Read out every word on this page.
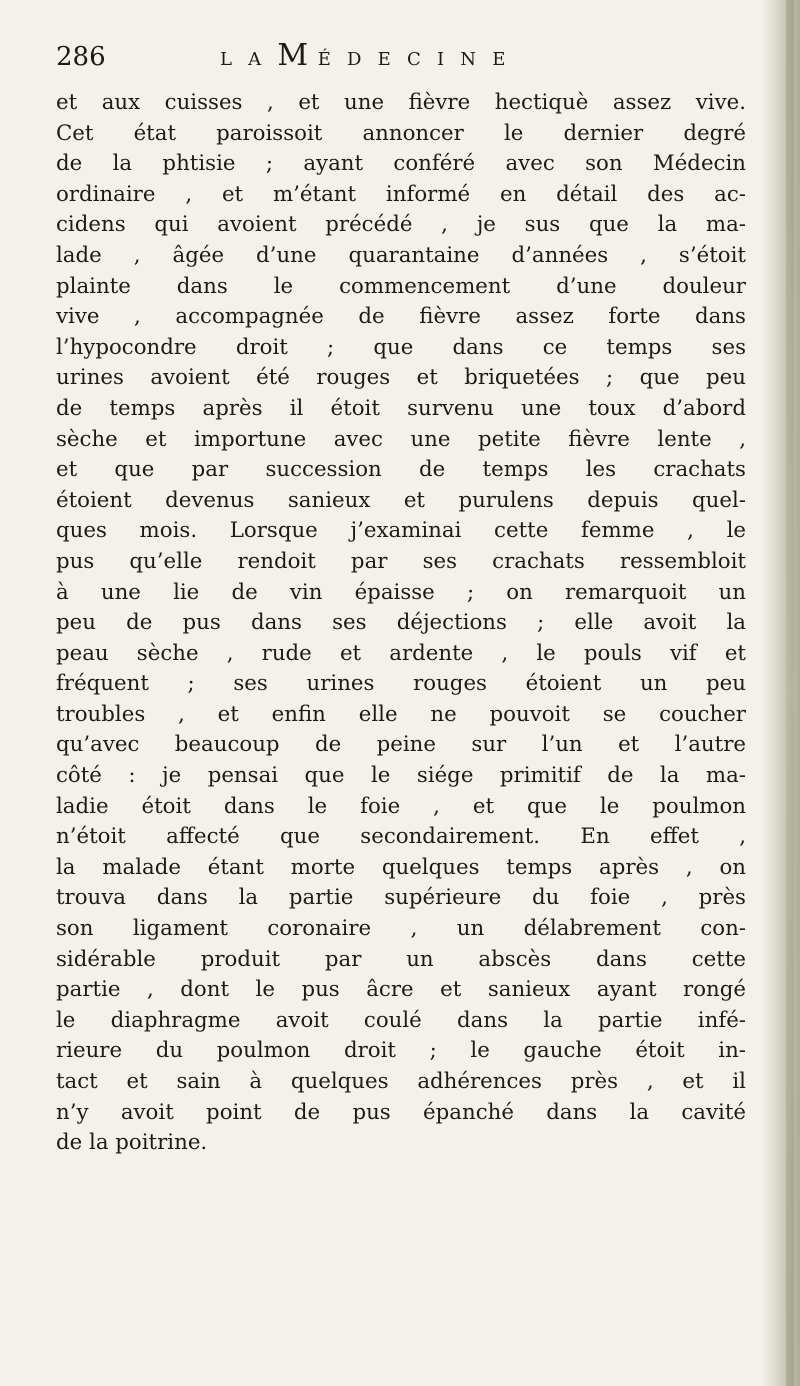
286	LAMÉDECINE
et aux cuisses , et une fièvre hectiquè assez vive.
Cet état paroissoit annoncer le dernier degré
de la phtisie ; ayant conféré avec son Médecin
ordinaire , et m’étant informé en détail des ac-
cidens qui avoient précédé , je sus que la ma-
lade , âgée d’une quarantaine d’années , s’étoit
plainte dans le commencement d’une douleur
vive , accompagnée de fièvre assez forte dans
l’hypocondre droit ; que dans ce temps ses
urines avoient été rouges et briquetées ; que peu
de temps après il étoit survenu une toux d’abord
sèche et importune avec une petite fièvre lente ,
et que par succession de temps les crachats
étoient devenus sanieux et purulens depuis quel-
ques mois. Lorsque j’examinai cette femme , le
pus qu’elle rendoit par ses crachats ressembloit
à une lie de vin épaisse ; on remarquoit un
peu de pus dans ses déjections ; elle avoit la
peau sèche , rude et ardente , le pouls vif et
fréquent ; ses urines rouges étoient un peu
troubles , et enfin elle ne pouvoit se coucher
qu’avec beaucoup de peine sur l’un et l’autre
côté : je pensai que le siége primitif de la ma-
ladie étoit dans le foie , et que le poulmon
n’étoit affecté que secondairement. En effet ,
la malade étant morte quelques temps après , on
trouva dans la partie supérieure du foie , près
son ligament coronaire , un délabrement con-
sidérable produit par un abscès dans cette
partie , dont le pus âcre et sanieux ayant rongé
le diaphragme avoit coulé dans la partie infé-
rieure du poulmon droit ; le gauche étoit in-
tact et sain à quelques adhérences près , et il
n’y avoit point de pus épanché dans la cavité
de la poitrine.
